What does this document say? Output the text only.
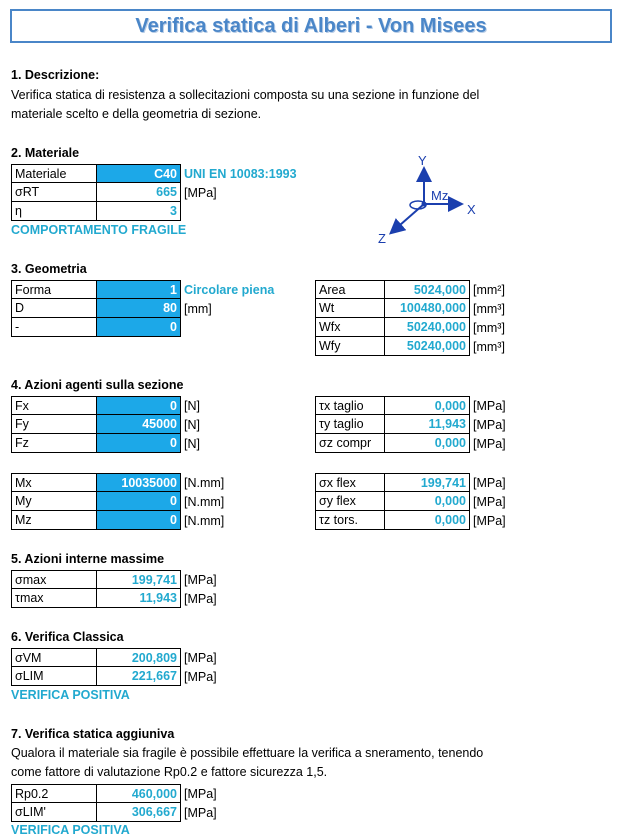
Verifica statica di Alberi - Von Misees
1. Descrizione:
Verifica statica di resistenza a sollecitazioni composta su una sezione in funzione del
materiale scelto e della geometria di sezione.
2. Materiale
Materiale	C40 UNI EN 10083:1993
σRT	665 [MPa]
η	3
COMPORTAMENTO FRAGILE
Y
X
Z
Mz
3. Geometria
Forma	1 Circolare piena
D	80 [mm]
-	0
Area	5024,000 [mm²]
Wt	100480,000 [mm³]
Wfx	50240,000 [mm³]
Wfy	50240,000 [mm³]
4. Azioni agenti sulla sezione
Fx	0 [N]
Fy	45000 [N]
Fz	0 [N]
Mx	10035000 [N.mm]
My	0 [N.mm]
Mz	0 [N.mm]
τx taglio	0,000 [MPa]
τy taglio	11,943 [MPa]
σz compr	0,000 [MPa]
σx flex	199,741 [MPa]
σy flex	0,000 [MPa]
τz tors.	0,000 [MPa]
5. Azioni interne massime
σmax	199,741 [MPa]
τmax	11,943 [MPa]
6. Verifica Classica
σVM	200,809 [MPa]
σLIM	221,667 [MPa]
VERIFICA POSITIVA
7. Verifica statica aggiuniva
Qualora il materiale sia fragile è possibile effettuare la verifica a sneramento, tenendo
come fattore di valutazione Rp0.2 e fattore sicurezza 1,5.
Rp0.2	460,000 [MPa]
σLIM'	306,667 [MPa]
VERIFICA POSITIVA
